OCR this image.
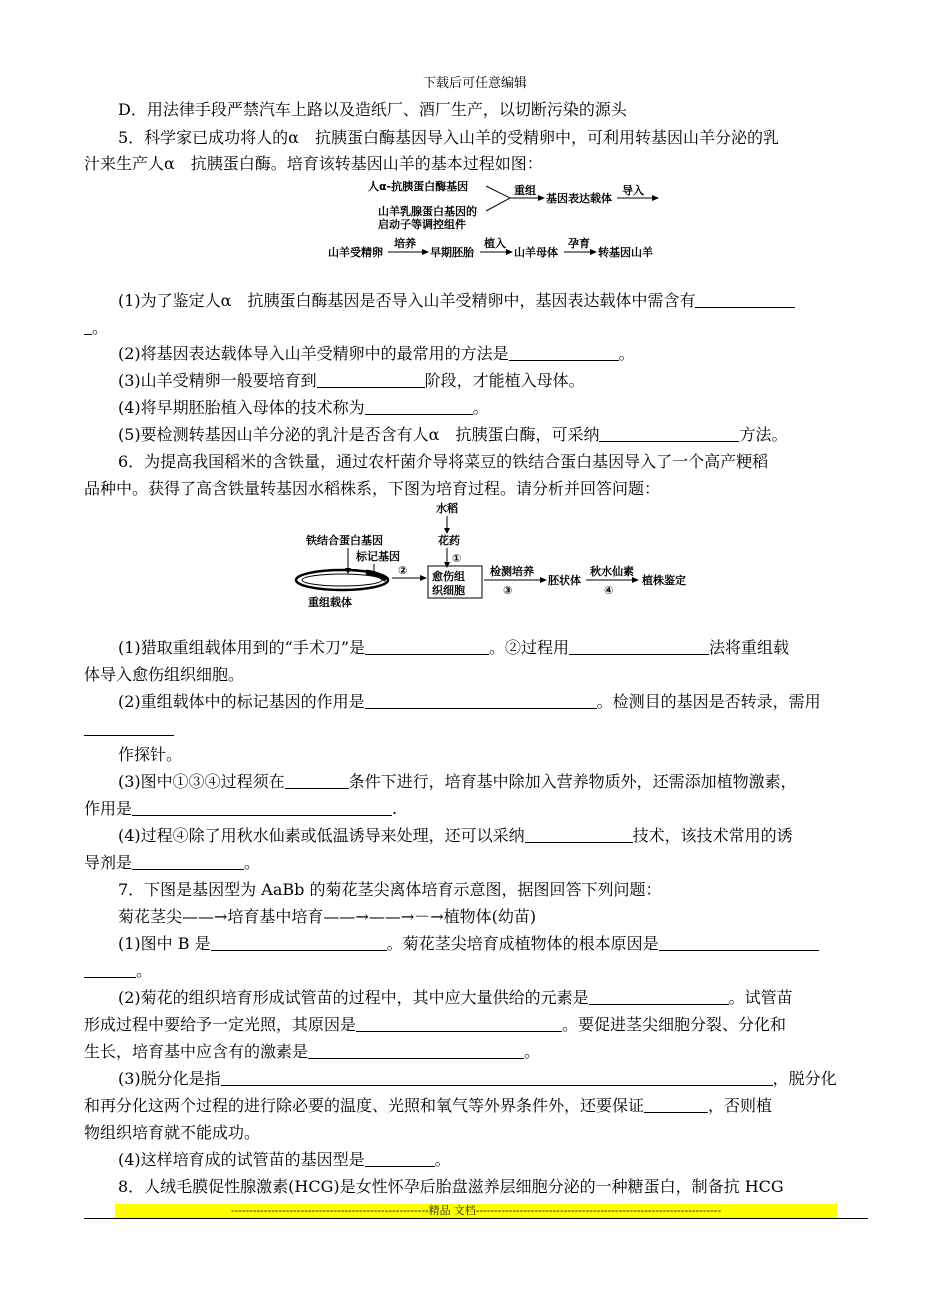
下载后可任意编辑
D．用法律手段严禁汽车上路以及造纸厂、酒厂生产，以切断污染的源头
5．科学家已成功将人的α　抗胰蛋白酶基因导入山羊的受精卵中，可利用转基因山羊分泌的乳
汁来生产人α　抗胰蛋白酶。培育该转基因山羊的基本过程如图：
人α-抗胰蛋白酶基因
山羊乳腺蛋白基因的
启动子等调控组件
重组
基因表达载体
导入
山羊受精卵
培养
早期胚胎
植入
山羊母体
孕育
转基因山羊
(1)为了鉴定人α　抗胰蛋白酶基因是否导入山羊受精卵中，基因表达载体中需含有
。
(2)将基因表达载体导入山羊受精卵中的最常用的方法是	。
(3)山羊受精卵一般要培育到	阶段，才能植入母体。
(4)将早期胚胎植入母体的技术称为	。
(5)要检测转基因山羊分泌的乳汁是否含有人α　抗胰蛋白酶，可采纳	方法。
6．为提高我国稻米的含铁量，通过农杆菌介导将菜豆的铁结合蛋白基因导入了一个高产粳稻
品种中。获得了高含铁量转基因水稻株系，下图为培育过程。请分析并回答问题：
水稻
花药
①
铁结合蛋白基因
标记基因
②
重组载体
愈伤组
织细胞
检测培养
③
胚状体
秋水仙素
④
植株鉴定
(1)猎取重组载体用到的“手术刀”是	。②过程用	法将重组载
体导入愈伤组织细胞。
(2)重组载体中的标记基因的作用是	。检测目的基因是否转录，需用
作探针。
(3)图中①③④过程须在	条件下进行，培育基中除加入营养物质外，还需添加植物激素，
作用是	.
(4)过程④除了用秋水仙素或低温诱导来处理，还可以采纳	技术，该技术常用的诱
导剂是	。
7．下图是基因型为 AaBb 的菊花茎尖离体培育示意图，据图回答下列问题：
菊花茎尖——→培育基中培育——→——→－→植物体(幼苗)
(1)图中 B 是	。菊花茎尖培育成植物体的根本原因是
。
(2)菊花的组织培育形成试管苗的过程中，其中应大量供给的元素是	。试管苗
形成过程中要给予一定光照，其原因是	。要促进茎尖细胞分裂、分化和
生长，培育基中应含有的激素是	。
(3)脱分化是指	，脱分化
和再分化这两个过程的进行除必要的温度、光照和氧气等外界条件外，还要保证	，否则植
物组织培育就不能成功。
(4)这样培育成的试管苗的基因型是	。
8．人绒毛膜促性腺激素(HCG)是女性怀孕后胎盘滋养层细胞分泌的一种糖蛋白，制备抗 HCG
------------------------------------------------------精品 文档-------------------------------------------------------------------
